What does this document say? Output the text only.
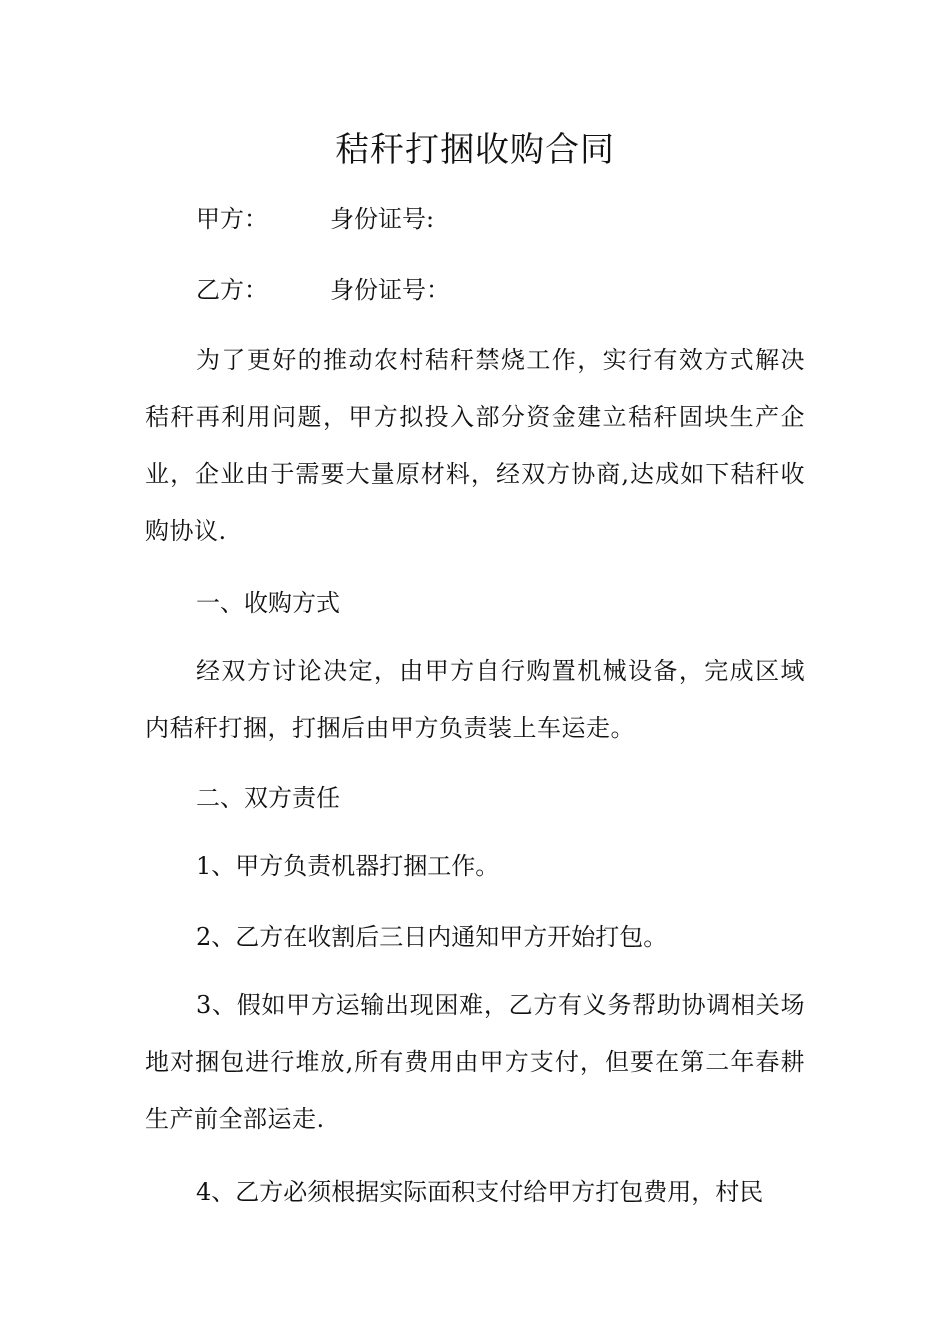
秸秆打捆收购合同
甲方：	身份证号:
乙方：	身份证号：
为了更好的推动农村秸秆禁烧工作，实行有效方式解决 秸秆再利用问题，甲方拟投入部分资金建立秸秆固块生产企业，企业由于需要大量原材料，经双方协商,达成如下秸秆收购协议.
一、收购方式
经双方讨论决定，由甲方自行购置机械设备，完成区域内秸秆打捆，打捆后由甲方负责装上车运走。
二、双方责任
1、甲方负责机器打捆工作。
2、乙方在收割后三日内通知甲方开始打包。
3、假如甲方运输出现困难，乙方有义务帮助协调相关场地对捆包进行堆放,所有费用由甲方支付，但要在第二年春耕生产前全部运走.
4、乙方必须根据实际面积支付给甲方打包费用，村民
